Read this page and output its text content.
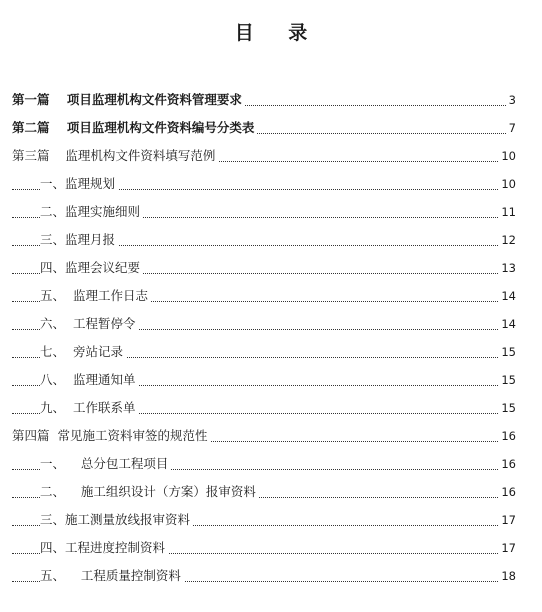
目 录
第一篇    项目监理机构文件资料管理要求	3
第二篇    项目监理机构文件资料编号分类表	7
第三篇    监理机构文件资料填写范例	10
一、监理规划	10
二、监理实施细则	11
三、监理月报	12
四、监理会议纪要	13
五、  监理工作日志	14
六、  工程暂停令	14
七、  旁站记录	15
八、  监理通知单	15
九、  工作联系单	15
第四篇  常见施工资料审签的规范性	16
一、    总分包工程项目	16
二、    施工组织设计（方案）报审资料	16
三、施工测量放线报审资料	17
四、工程进度控制资料	17
五、    工程质量控制资料	18
